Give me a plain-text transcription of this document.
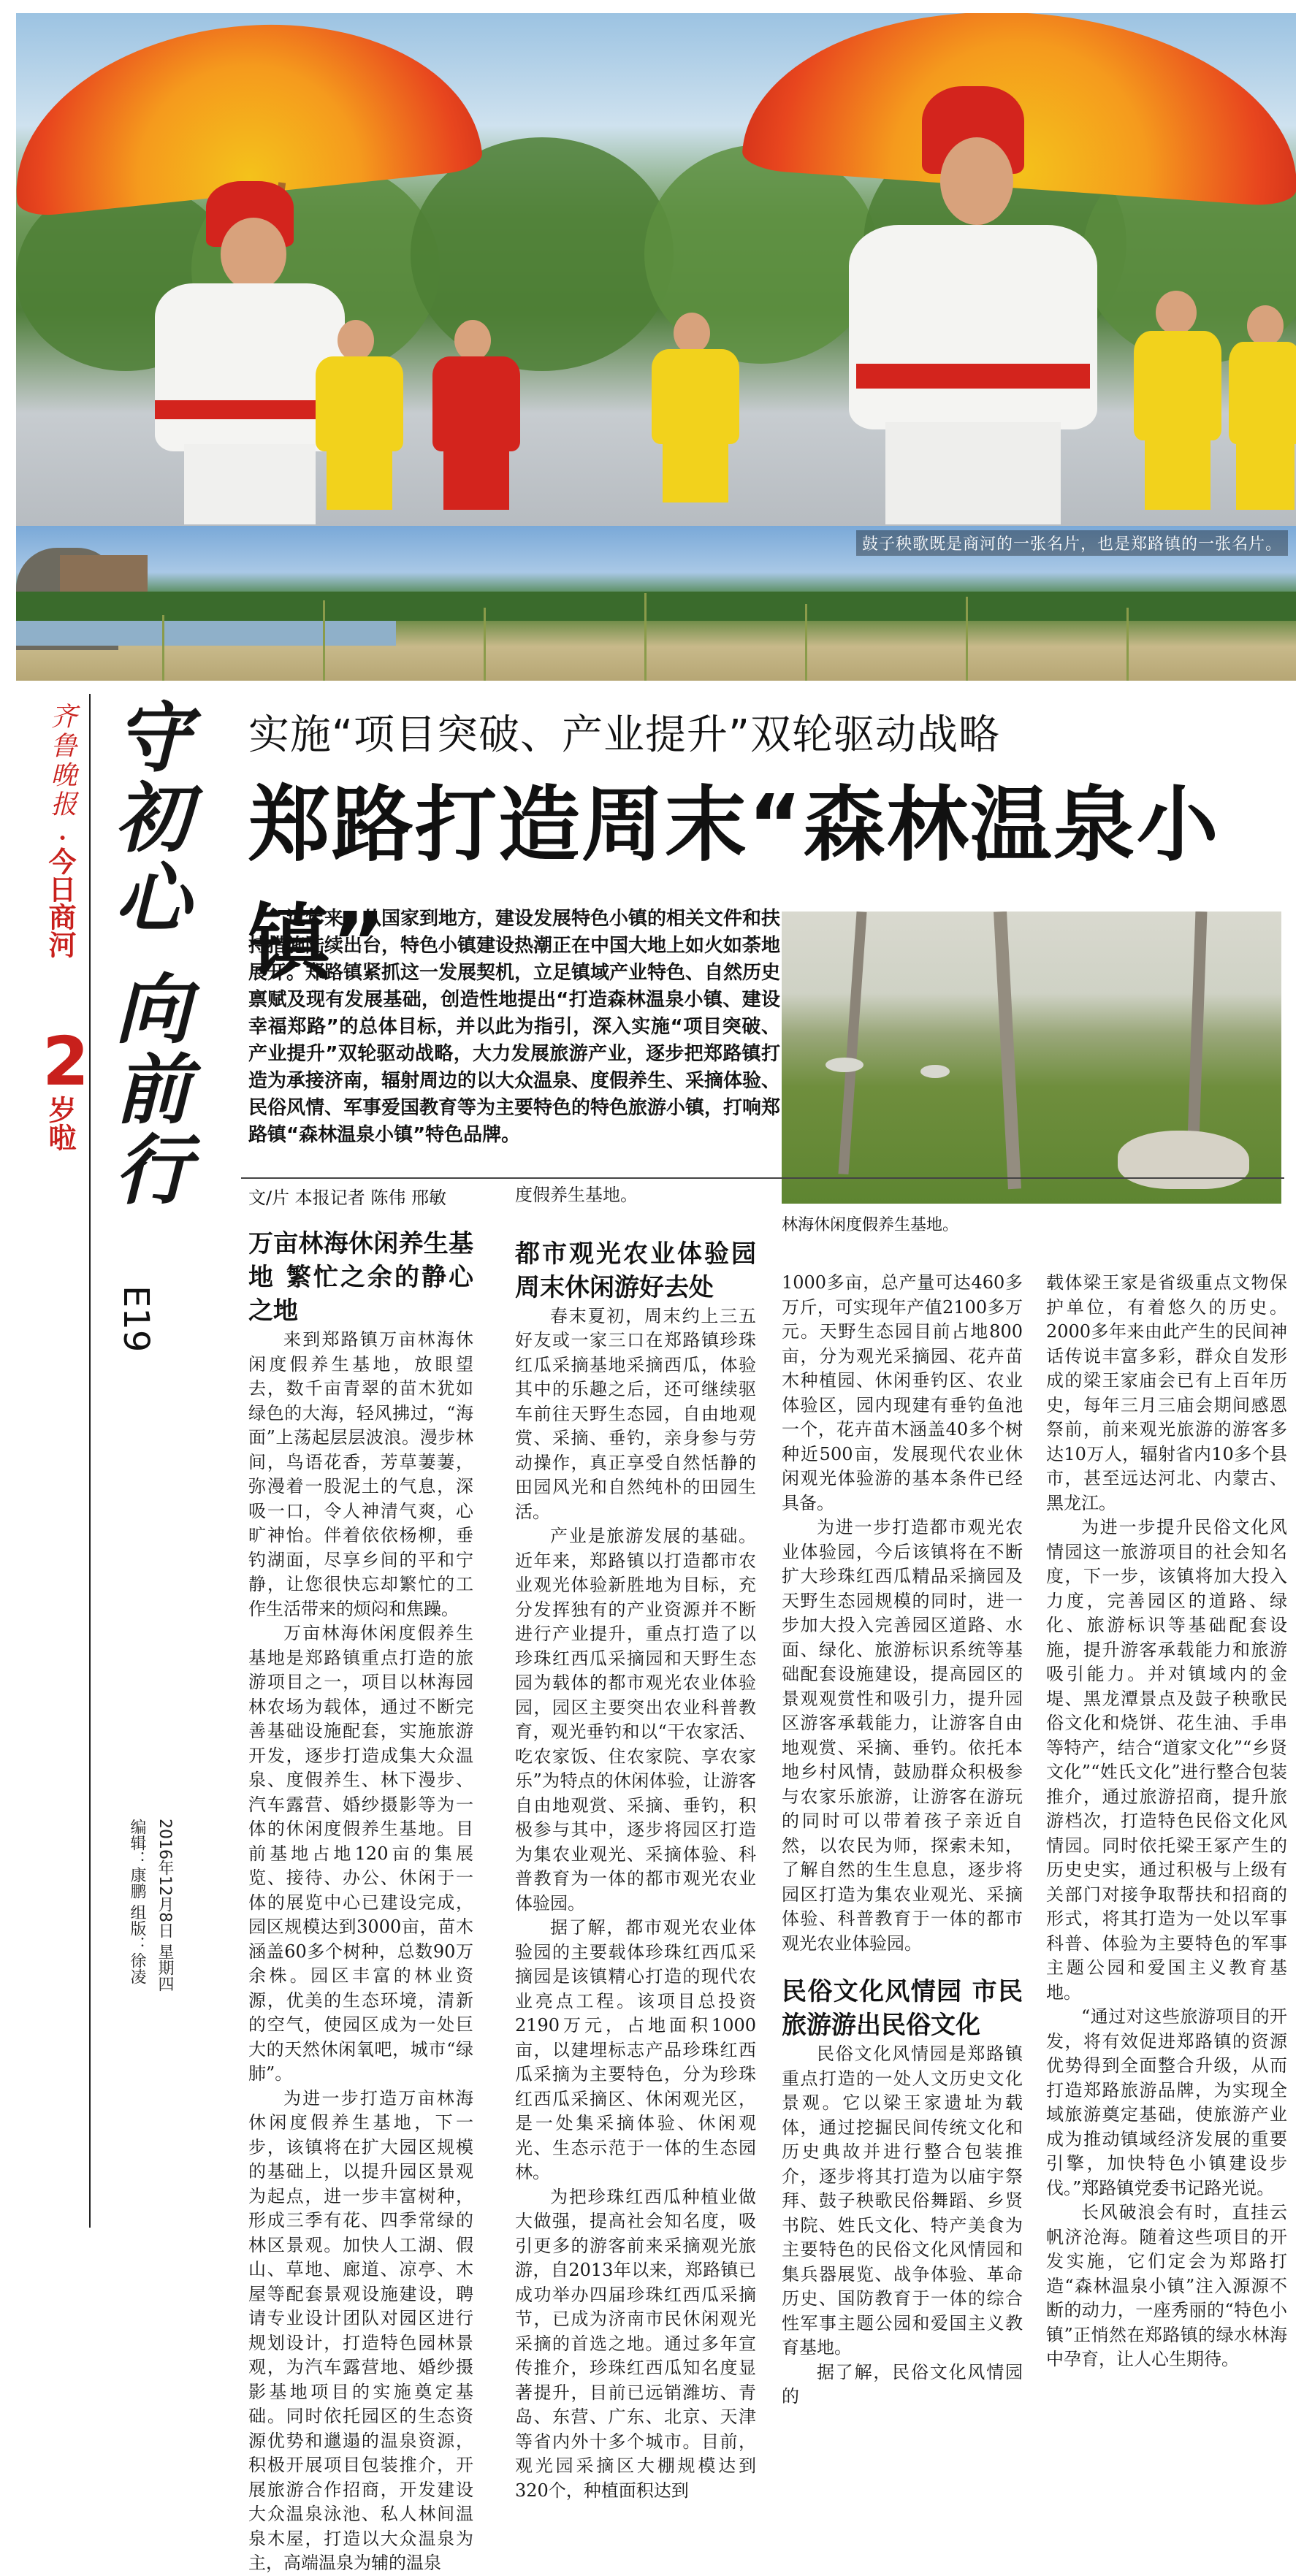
鼓子秧歌既是商河的一张名片，也是郑路镇的一张名片。
齐鲁晚报
·
今日商河
2
岁啦 守初心 向前行
E19
编辑：康鹏 组版：徐凌 2016年12月8日 星期四
实施“项目突破、产业提升”双轮驱动战略
郑路打造周末“森林温泉小镇”

近年来，从国家到地方，建设发展特色小镇的相关文件和扶持措施陆续出台，特色小镇建设热潮正在中国大地上如火如荼地展开。郑路镇紧抓这一发展契机，立足镇域产业特色、自然历史禀赋及现有发展基础，创造性地提出“打造森林温泉小镇、建设幸福郑路”的总体目标，并以此为指引，深入实施“项目突破、产业提升”双轮驱动战略，大力发展旅游产业，逐步把郑路镇打造为承接济南，辐射周边的以大众温泉、度假养生、采摘体验、民俗风情、军事爱国教育等为主要特色的特色旅游小镇，打响郑路镇“森林温泉小镇”特色品牌。

林海休闲度假养生基地。
文/片 本报记者 陈伟 邢敏

万亩林海休闲养生基地 繁忙之余的静心之地

来到郑路镇万亩林海休闲度假养生基地，放眼望去，数千亩青翠的苗木犹如绿色的大海，轻风拂过，“海面”上荡起层层波浪。漫步林间，鸟语花香，芳草萋萋，弥漫着一股泥土的气息，深吸一口，令人神清气爽，心旷神怡。伴着依依杨柳，垂钓湖面，尽享乡间的平和宁静，让您很快忘却繁忙的工作生活带来的烦闷和焦躁。

万亩林海休闲度假养生基地是郑路镇重点打造的旅游项目之一，项目以林海园林农场为载体，通过不断完善基础设施配套，实施旅游开发，逐步打造成集大众温泉、度假养生、林下漫步、汽车露营、婚纱摄影等为一体的休闲度假养生基地。目前基地占地120亩的集展览、接待、办公、休闲于一体的展览中心已建设完成，园区规模达到3000亩，苗木涵盖60多个树种，总数90万余株。园区丰富的林业资源，优美的生态环境，清新的空气，使园区成为一处巨大的天然休闲氧吧，城市“绿肺”。

为进一步打造万亩林海休闲度假养生基地，下一步，该镇将在扩大园区规模的基础上，以提升园区景观为起点，进一步丰富树种，形成三季有花、四季常绿的林区景观。加快人工湖、假山、草地、廊道、凉亭、木屋等配套景观设施建设，聘请专业设计团队对园区进行规划设计，打造特色园林景观，为汽车露营地、婚纱摄影基地项目的实施奠定基础。同时依托园区的生态资源优势和邋遢的温泉资源，积极开展项目包装推介，开展旅游合作招商，开发建设大众温泉泳池、私人林间温泉木屋，打造以大众温泉为主，高端温泉为辅的温泉

度假养生基地。

都市观光农业体验园 周末休闲游好去处

春末夏初，周末约上三五好友或一家三口在郑路镇珍珠红瓜采摘基地采摘西瓜，体验其中的乐趣之后，还可继续驱车前往天野生态园，自由地观赏、采摘、垂钓，亲身参与劳动操作，真正享受自然恬静的田园风光和自然纯朴的田园生活。

产业是旅游发展的基础。近年来，郑路镇以打造都市农业观光体验新胜地为目标，充分发挥独有的产业资源并不断进行产业提升，重点打造了以珍珠红西瓜采摘园和天野生态园为载体的都市观光农业体验园，园区主要突出农业科普教育，观光垂钓和以“干农家活、吃农家饭、住农家院、享农家乐”为特点的休闲体验，让游客自由地观赏、采摘、垂钓，积极参与其中，逐步将园区打造为集农业观光、采摘体验、科普教育为一体的都市观光农业体验园。

据了解，都市观光农业体验园的主要载体珍珠红西瓜采摘园是该镇精心打造的现代农业亮点工程。该项目总投资2190万元，占地面积1000亩，以建埋标志产品珍珠红西瓜采摘为主要特色，分为珍珠红西瓜采摘区、休闲观光区，是一处集采摘体验、休闲观光、生态示范于一体的生态园林。

为把珍珠红西瓜种植业做大做强，提高社会知名度，吸引更多的游客前来采摘观光旅游，自2013年以来，郑路镇已成功举办四届珍珠红西瓜采摘节，已成为济南市民休闲观光采摘的首选之地。通过多年宣传推介，珍珠红西瓜知名度显著提升，目前已远销潍坊、青岛、东营、广东、北京、天津等省内外十多个城市。目前，观光园采摘区大棚规模达到320个，种植面积达到

1000多亩，总产量可达460多万斤，可实现年产值2100多万元。天野生态园目前占地800亩，分为观光采摘园、花卉苗木种植园、休闲垂钓区、农业体验区，园内现建有垂钓鱼池一个，花卉苗木涵盖40多个树种近500亩，发展现代农业休闲观光体验游的基本条件已经具备。

为进一步打造都市观光农业体验园，今后该镇将在不断扩大珍珠红西瓜精品采摘园及天野生态园规模的同时，进一步加大投入完善园区道路、水面、绿化、旅游标识系统等基础配套设施建设，提高园区的景观观赏性和吸引力，提升园区游客承载能力，让游客自由地观赏、采摘、垂钓。依托本地乡村风情，鼓励群众积极参与农家乐旅游，让游客在游玩的同时可以带着孩子亲近自然，以农民为师，探索未知，了解自然的生生息息，逐步将园区打造为集农业观光、采摘体验、科普教育于一体的都市观光农业体验园。

民俗文化风情园 市民旅游游出民俗文化

民俗文化风情园是郑路镇重点打造的一处人文历史文化景观。它以梁王家遗址为载体，通过挖掘民间传统文化和历史典故并进行整合包装推介，逐步将其打造为以庙宇祭拜、鼓子秧歌民俗舞蹈、乡贤书院、姓氏文化、特产美食为主要特色的民俗文化风情园和集兵器展览、战争体验、革命历史、国防教育于一体的综合性军事主题公园和爱国主义教育基地。

据了解，民俗文化风情园的

载体梁王家是省级重点文物保护单位，有着悠久的历史。2000多年来由此产生的民间神话传说丰富多彩，群众自发形成的梁王家庙会已有上百年历史，每年三月三庙会期间感恩祭前，前来观光旅游的游客多达10万人，辐射省内10多个县市，甚至远达河北、内蒙古、黑龙江。

为进一步提升民俗文化风情园这一旅游项目的社会知名度，下一步，该镇将加大投入力度，完善园区的道路、绿化、旅游标识等基础配套设施，提升游客承载能力和旅游吸引能力。并对镇域内的金堤、黑龙潭景点及鼓子秧歌民俗文化和烧饼、花生油、手串等特产，结合“道家文化”“乡贤文化”“姓氏文化”进行整合包装推介，通过旅游招商，提升旅游档次，打造特色民俗文化风情园。同时依托梁王冢产生的历史史实，通过积极与上级有关部门对接争取帮扶和招商的形式，将其打造为一处以军事科普、体验为主要特色的军事主题公园和爱国主义教育基地。

“通过对这些旅游项目的开发，将有效促进郑路镇的资源优势得到全面整合升级，从而打造郑路旅游品牌，为实现全域旅游奠定基础，使旅游产业成为推动镇域经济发展的重要引擎，加快特色小镇建设步伐。”郑路镇党委书记路光说。

长风破浪会有时，直挂云帆济沧海。随着这些项目的开发实施，它们定会为郑路打造“森林温泉小镇”注入源源不断的动力，一座秀丽的“特色小镇”正悄然在郑路镇的绿水林海中孕育，让人心生期待。
